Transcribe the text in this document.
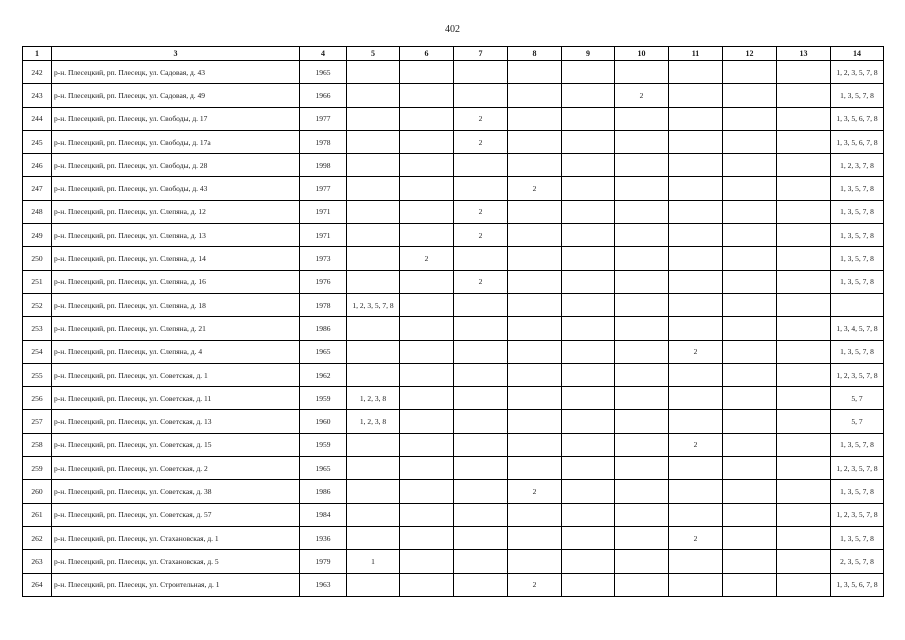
402
1	3	4	5	6	7	8	9	10	11	12	13	14
242	р-н. Плесецкий, рп. Плесецк, ул. Садовая, д. 43	1965										1, 2, 3, 5, 7, 8
243	р-н. Плесецкий, рп. Плесецк, ул. Садовая, д. 49	1966						2				1, 3, 5, 7, 8
244	р-н. Плесецкий, рп. Плесецк, ул. Свободы, д. 17	1977			2							1, 3, 5, 6, 7, 8
245	р-н. Плесецкий, рп. Плесецк, ул. Свободы, д. 17а	1978			2							1, 3, 5, 6, 7, 8
246	р-н. Плесецкий, рп. Плесецк, ул. Свободы, д. 28	1998										1, 2, 3, 7, 8
247	р-н. Плесецкий, рп. Плесецк, ул. Свободы, д. 43	1977				2						1, 3, 5, 7, 8
248	р-н. Плесецкий, рп. Плесецк, ул. Слепяна, д. 12	1971			2							1, 3, 5, 7, 8
249	р-н. Плесецкий, рп. Плесецк, ул. Слепяна, д. 13	1971			2							1, 3, 5, 7, 8
250	р-н. Плесецкий, рп. Плесецк, ул. Слепяна, д. 14	1973		2								1, 3, 5, 7, 8
251	р-н. Плесецкий, рп. Плесецк, ул. Слепяна, д. 16	1976			2							1, 3, 5, 7, 8
252	р-н. Плесецкий, рп. Плесецк, ул. Слепяна, д. 18	1978	1, 2, 3, 5, 7, 8									
253	р-н. Плесецкий, рп. Плесецк, ул. Слепяна, д. 21	1986										1, 3, 4, 5, 7, 8
254	р-н. Плесецкий, рп. Плесецк, ул. Слепяна, д. 4	1965							2			1, 3, 5, 7, 8
255	р-н. Плесецкий, рп. Плесецк, ул. Советская, д. 1	1962										1, 2, 3, 5, 7, 8
256	р-н. Плесецкий, рп. Плесецк, ул. Советская, д. 11	1959	1, 2, 3, 8									5, 7
257	р-н. Плесецкий, рп. Плесецк, ул. Советская, д. 13	1960	1, 2, 3, 8									5, 7
258	р-н. Плесецкий, рп. Плесецк, ул. Советская, д. 15	1959							2			1, 3, 5, 7, 8
259	р-н. Плесецкий, рп. Плесецк, ул. Советская, д. 2	1965										1, 2, 3, 5, 7, 8
260	р-н. Плесецкий, рп. Плесецк, ул. Советская, д. 38	1986				2						1, 3, 5, 7, 8
261	р-н. Плесецкий, рп. Плесецк, ул. Советская, д. 57	1984										1, 2, 3, 5, 7, 8
262	р-н. Плесецкий, рп. Плесецк, ул. Стахановская, д. 1	1936							2			1, 3, 5, 7, 8
263	р-н. Плесецкий, рп. Плесецк, ул. Стахановская, д. 5	1979	1									2, 3, 5, 7, 8
264	р-н. Плесецкий, рп. Плесецк, ул. Строительная, д. 1	1963				2						1, 3, 5, 6, 7, 8
